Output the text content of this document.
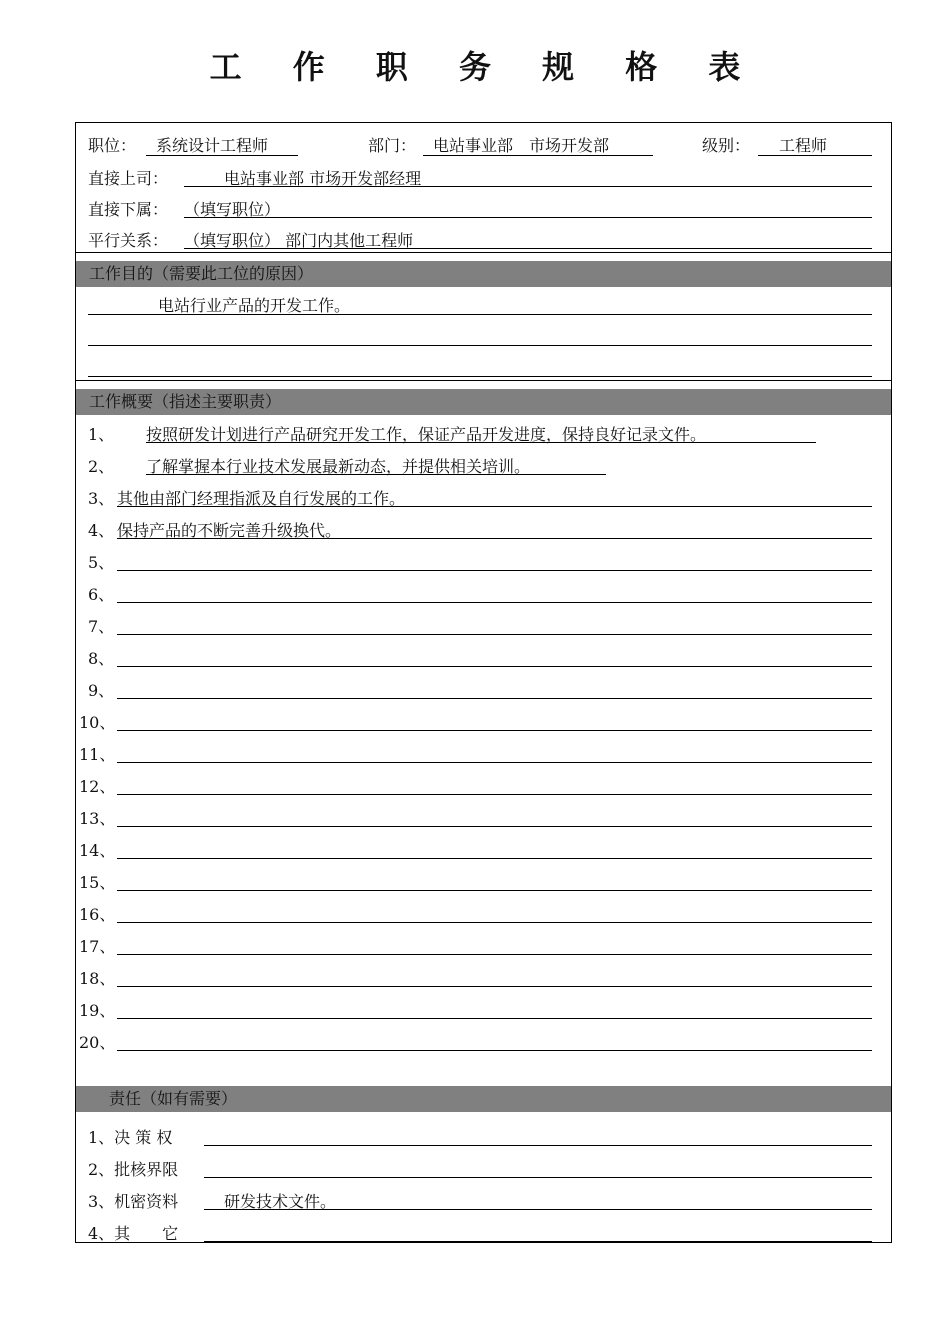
工 作 职 务 规 格 表
职位：	系统设计工程师	部门：	电站事业部　市场开发部	级别：	工程师
直接上司：	电站事业部 市场开发部经理
直接下属： （填写职位）
平行关系： （填写职位） 部门内其他工程师
工作目的（需要此工位的原因）
电站行业产品的开发工作。
工作概要（指述主要职责）
1、	按照研发计划进行产品研究开发工作，保证产品开发进度，保持良好记录文件。
2、	了解掌握本行业技术发展最新动态，并提供相关培训。
3、 其他由部门经理指派及自行发展的工作。
4、 保持产品的不断完善升级换代。
5、
6、
7、
8、
9、
10、
11、
12、
13、
14、
15、
16、
17、
18、
19、
20、
责任（如有需要）
1、决 策 权
2、批核界限
3、机密资料	研发技术文件。
4、其　　它
